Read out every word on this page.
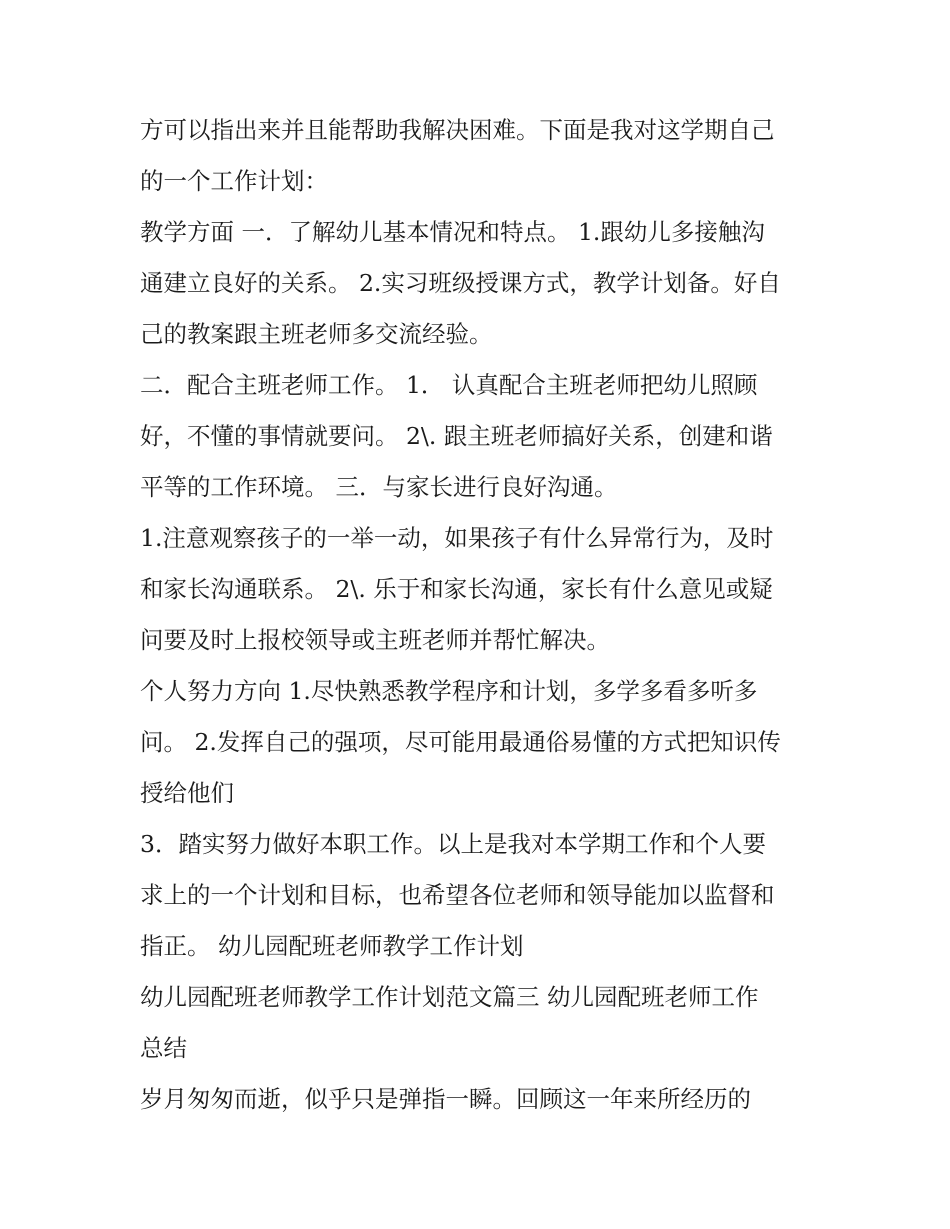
方可以指出来并且能帮助我解决困难。下面是我对这学期自己
的一个工作计划：
教学方面 一．了解幼儿基本情况和特点。 1.跟幼儿多接触沟
通建立良好的关系。 2.实习班级授课方式，教学计划备。好自
己的教案跟主班老师多交流经验。
二．配合主班老师工作。 1． 认真配合主班老师把幼儿照顾
好，不懂的事情就要问。 2\. 跟主班老师搞好关系，创建和谐
平等的工作环境。 三．与家长进行良好沟通。
1.注意观察孩子的一举一动，如果孩子有什么异常行为，及时
和家长沟通联系。 2\. 乐于和家长沟通，家长有什么意见或疑
问要及时上报校领导或主班老师并帮忙解决。
个人努力方向 1.尽快熟悉教学程序和计划，多学多看多听多
问。 2.发挥自己的强项，尽可能用最通俗易懂的方式把知识传
授给他们
3．踏实努力做好本职工作。以上是我对本学期工作和个人要
求上的一个计划和目标，也希望各位老师和领导能加以监督和
指正。 幼儿园配班老师教学工作计划
幼儿园配班老师教学工作计划范文篇三 幼儿园配班老师工作
总结
岁月匆匆而逝，似乎只是弹指一瞬。回顾这一年来所经历的
